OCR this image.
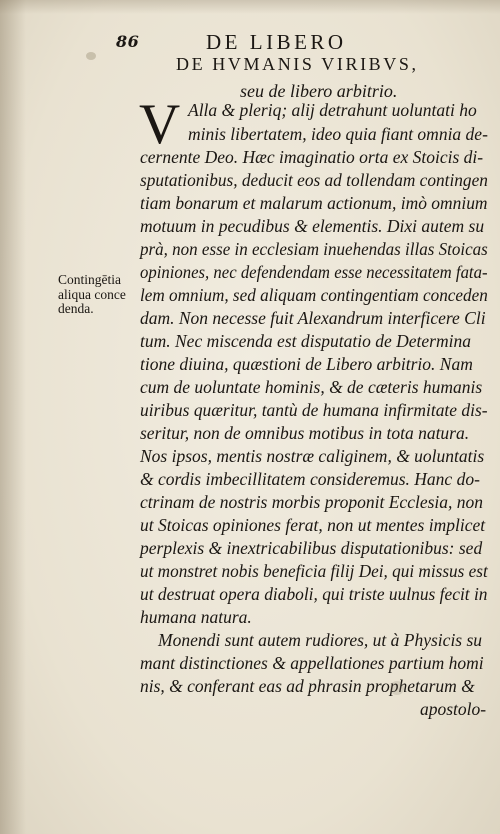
86	DE LIBERO
DE HVMANIS VIRIBVS,
seu de libero arbitrio.
V
Contingētia
aliqua conce
denda.
Alla & pleriq; alij detrahunt uoluntati ho
minis libertatem, ideo quia fiant omnia de-
cernente Deo. Hæc imaginatio orta ex Stoicis di-
sputationibus, deducit eos ad tollendam contingen
tiam bonarum et malarum actionum, imò omnium
motuum in pecudibus & elementis. Dixi autem su
prà, non esse in ecclesiam inuehendas illas Stoicas
opiniones, nec defendendam esse necessitatem fata-
lem omnium, sed aliquam contingentiam conceden
dam. Non necesse fuit Alexandrum interficere Cli
tum. Nec miscenda est disputatio de Determina
tione diuina, quæstioni de Libero arbitrio. Nam
cum de uoluntate hominis, & de cæteris humanis
uiribus quæritur, tantù de humana infirmitate dis-
seritur, non de omnibus motibus in tota natura.
Nos ipsos, mentis nostræ caliginem, & uoluntatis
& cordis imbecillitatem consideremus. Hanc do-
ctrinam de nostris morbis proponit Ecclesia, non
ut Stoicas opiniones ferat, non ut mentes implicet
perplexis & inextricabilibus disputationibus: sed
ut monstret nobis beneficia filij Dei, qui missus est
ut destruat opera diaboli, qui triste uulnus fecit in
humana natura.
Monendi sunt autem rudiores, ut à Physicis su
mant distinctiones & appellationes partium homi
nis, & conferant eas ad phrasin prophetarum &
apostolo-
